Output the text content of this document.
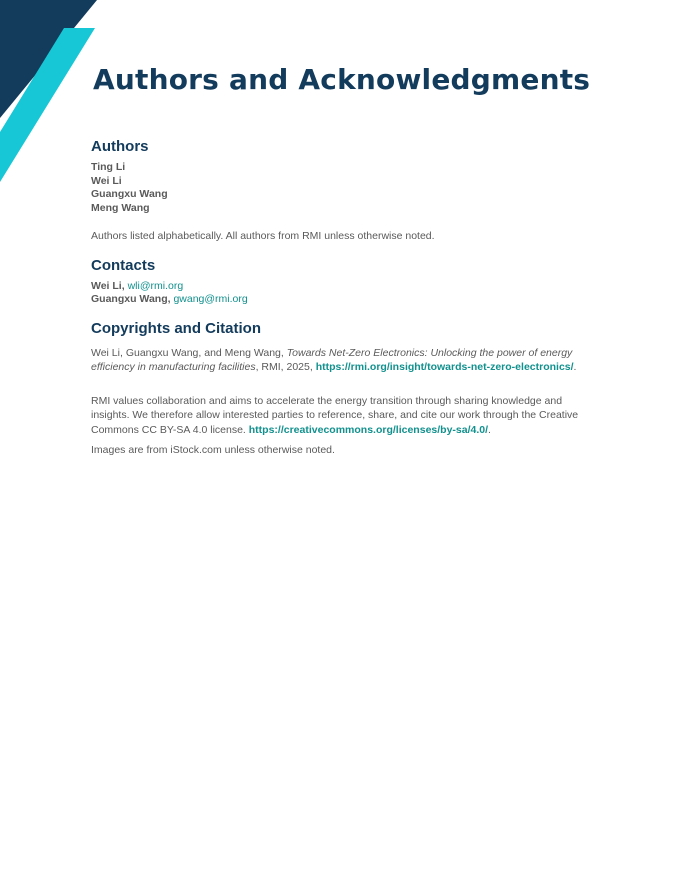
Authors and Acknowledgments
Authors
Ting Li
Wei Li
Guangxu Wang
Meng Wang

Authors listed alphabetically. All authors from RMI unless otherwise noted.

Contacts
Wei Li, wli@rmi.org
Guangxu Wang, gwang@rmi.org
Copyrights and Citation

Wei Li, Guangxu Wang, and Meng Wang, Towards Net-Zero Electronics: Unlocking the power of energy efficiency in manufacturing facilities, RMI, 2025, https://rmi.org/insight/towards-net-zero-electronics/.

RMI values collaboration and aims to accelerate the energy transition through sharing knowledge and insights. We therefore allow interested parties to reference, share, and cite our work through the Creative Commons CC BY-SA 4.0 license. https://creativecommons.org/licenses/by-sa/4.0/.

Images are from iStock.com unless otherwise noted.
